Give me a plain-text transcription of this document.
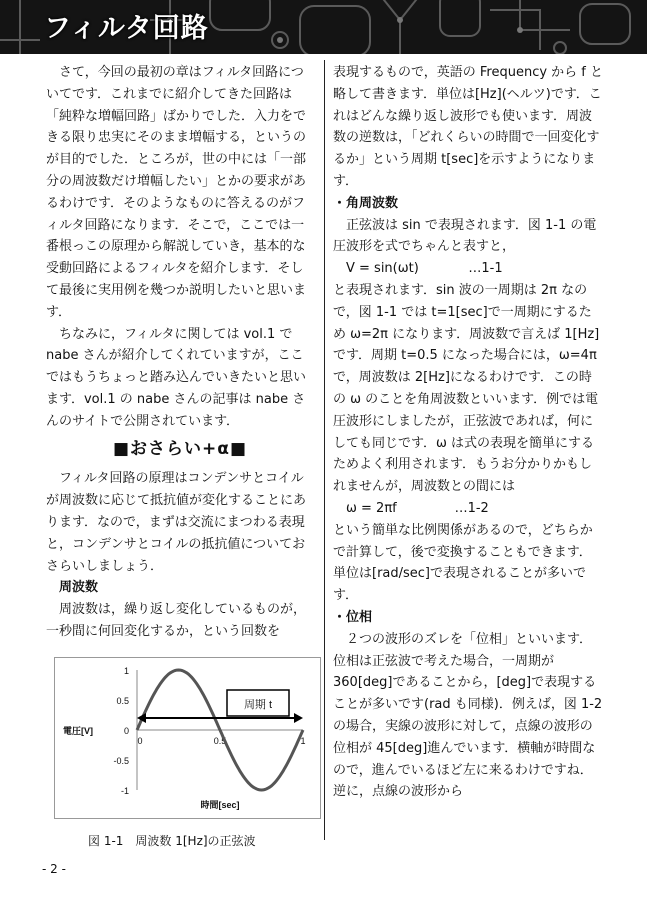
フィルタ回路

さて，今回の最初の章はフィルタ回路についてです．これまでに紹介してきた回路は「純粋な増幅回路」ばかりでした．入力をできる限り忠実にそのまま増幅する，というのが目的でした．ところが，世の中には「一部分の周波数だけ増幅したい」とかの要求があるわけです．そのようなものに答えるのがフィルタ回路になります．そこで，ここでは一番根っこの原理から解説していき，基本的な受動回路によるフィルタを紹介します．そして最後に実用例を幾つか説明したいと思います．

ちなみに，フィルタに関しては vol.1 で nabe さんが紹介してくれていますが，ここではもうちょっと踏み込んでいきたいと思います．vol.1 の nabe さんの記事は nabe さんのサイトで公開されています．

■おさらい+α■

フィルタ回路の原理はコンデンサとコイルが周波数に応じて抵抗値が変化することにあります．なので，まずは交流にまつわる表現と，コンデンサとコイルの抵抗値についておさらいしましょう．

周波数

周波数は，繰り返し変化しているものが，一秒間に何回変化するか，という回数を

表現するもので，英語の Frequency から f と略して書きます．単位は[Hz](ヘルツ)です．これはどんな繰り返し波形でも使います．周波数の逆数は，「どれくらいの時間で一回変化するか」という周期 t[sec]を示すようになります．

・角周波数

正弦波は sin で表現されます．図 1-1 の電圧波形を式でちゃんと表すと，

V = sin(ωt)            …1-1

と表現されます．sin 波の一周期は 2π なので，図 1-1 では t=1[sec]で一周期にするため ω=2π になります．周波数で言えば 1[Hz]です．周期 t=0.5 になった場合には，ω=4π で，周波数は 2[Hz]になるわけです．この時の ω のことを角周波数といいます．例では電圧波形にしましたが，正弦波であれば，何にしても同じです．ω は式の表現を簡単にするためよく利用されます．もうお分かりかもしれませんが，周波数との間には

ω = 2πf              …1-2

という簡単な比例関係があるので，どちらかで計算して，後で変換することもできます．単位は[rad/sec]で表現されることが多いです．

・位相

２つの波形のズレを「位相」といいます．位相は正弦波で考えた場合，一周期が 360[deg]であることから，[deg]で表現することが多いです(rad も同様)．例えば，図 1-2 の場合，実線の波形に対して，点線の波形の位相が 45[deg]進んでいます．横軸が時間なので，進んでいるほど左に来るわけですね．逆に，点線の波形から

1
0.5
0
-0.5
-1
0	0.5	1
電圧[V]
時間[sec]
周期 t
図 1-1　周波数 1[Hz]の正弦波
- 2 -
